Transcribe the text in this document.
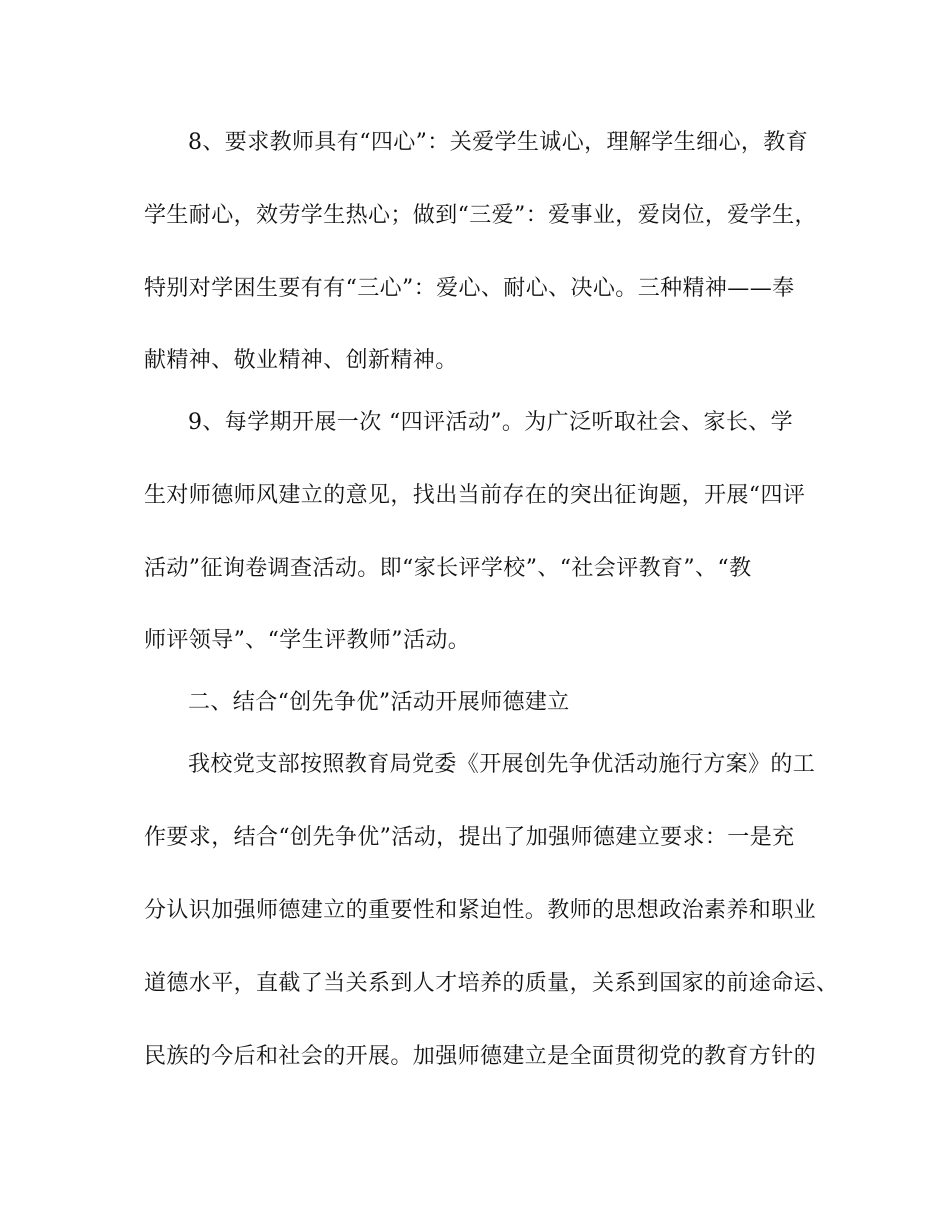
8、要求教师具有“四心”：关爱学生诚心，理解学生细心，教育
学生耐心，效劳学生热心；做到“三爱”：爱事业，爱岗位，爱学生，
特别对学困生要有有“三心”：爱心、耐心、决心。三种精神——奉
献精神、敬业精神、创新精神。
9、每学期开展一次 “四评活动”。为广泛听取社会、家长、学
生对师德师风建立的意见，找出当前存在的突出征询题，开展“四评
活动”征询卷调查活动。即“家长评学校”、“社会评教育”、“教
师评领导”、“学生评教师”活动。
二、结合“创先争优”活动开展师德建立
我校党支部按照教育局党委《开展创先争优活动施行方案》的工
作要求，结合“创先争优”活动，提出了加强师德建立要求：一是充
分认识加强师德建立的重要性和紧迫性。教师的思想政治素养和职业
道德水平，直截了当关系到人才培养的质量，关系到国家的前途命运、
民族的今后和社会的开展。加强师德建立是全面贯彻党的教育方针的
